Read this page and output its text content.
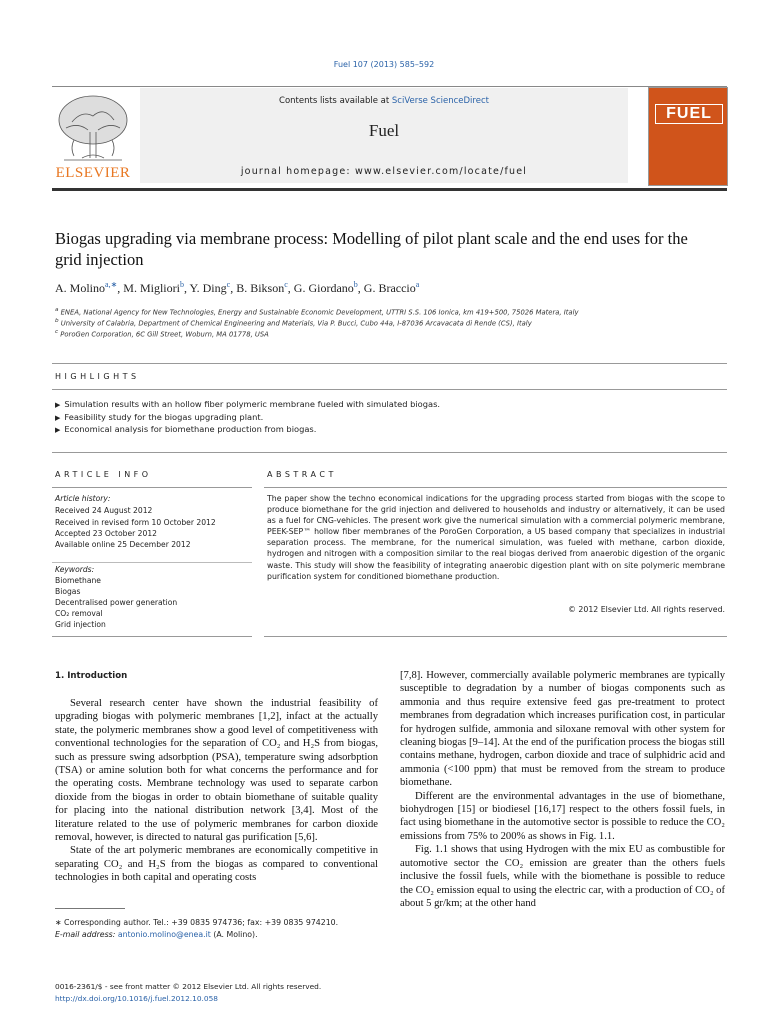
Fuel 107 (2013) 585–592
Contents lists available at SciVerse ScienceDirect
Fuel
journal homepage: www.elsevier.com/locate/fuel
ELSEVIER
FUEL
Biogas upgrading via membrane process: Modelling of pilot plant scale and the end uses for the grid injection
A. Molino$^{a,∗}$, M. Migliori$^b$, Y. Ding$^c$, B. Bikson$^c$, G. Giordano$^b$, G. Braccio$^a$
$^a$ ENEA, National Agency for New Technologies, Energy and Sustainable Economic Development, UTTRI S.S. 106 Ionica, km 419+500, 75026 Matera, Italy
$^b$ University of Calabria, Department of Chemical Engineering and Materials, Via P. Bucci, Cubo 44a, I-87036 Arcavacata di Rende (CS), Italy
$^c$ PoroGen Corporation, 6C Gill Street, Woburn, MA 01778, USA
HIGHLIGHTS
▶ Simulation results with an hollow fiber polymeric membrane fueled with simulated biogas.
▶ Feasibility study for the biogas upgrading plant.
▶ Economical analysis for biomethane production from biogas.
ARTICLE INFO	ABSTRACT
Article history:
Received 24 August 2012
Received in revised form 10 October 2012
Accepted 23 October 2012
Available online 25 December 2012
Keywords:
Biomethane
Biogas
Decentralised power generation
CO₂ removal
Grid injection
The paper show the techno economical indications for the upgrading process started from biogas with the scope to produce biomethane for the grid injection and delivered to households and industry or alternatively, it can be used as a fuel for CNG-vehicles. The present work give the numerical simulation with a commercial polymeric membrane, PEEK-SEP™ hollow fiber membranes of the PoroGen Corporation, a US based company that specializes in industrial separation process. The membrane, for the numerical simulation, was fueled with methane, carbon dioxide, hydrogen and nitrogen with a composition similar to the real biogas derived from anaerobic digestion of the organic waste. This study will show the feasibility of integrating anaerobic digestion plant with on site polymeric membrane purification system for conditioned biomethane production.
© 2012 Elsevier Ltd. All rights reserved.
1. Introduction

Several research center have shown the industrial feasibility of upgrading biogas with polymeric membranes [1,2], infact at the actually state, the polymeric membranes show a good level of competitiveness with conventional technologies for the separation of CO₂ and H₂S from biogas, such as pressure swing adsorbption (PSA), temperature swing adsorbption (TSA) or amine solution both for what concerns the performance and for the operating costs. Membrane technology was used to separate carbon dioxide from the biogas in order to obtain biomethane of suitable quality for placing into the national distribution network [3,4]. Most of the literature related to the use of polymeric membranes for carbon dioxide removal, however, is directed to natural gas purification [5,6].

State of the art polymeric membranes are economically competitive in separating CO₂ and H₂S from the biogas as compared to conventional technologies in both capital and operating costs

[7,8]. However, commercially available polymeric membranes are typically susceptible to degradation by a number of biogas components such as ammonia and thus require extensive feed gas pre-treatment to protect membranes from degradation which increases purification cost, in particular for hydrogen sulfide, ammonia and siloxane removal with other system for cleaning biogas [9–14]. At the end of the purification process the biogas still contains methane, hydrogen, carbon dioxide and trace of sulphidric acid and ammonia (<100 ppm) that must be removed from the stream to produce biomethane.

Different are the environmental advantages in the use of biomethane, biohydrogen [15] or biodiesel [16,17] respect to the others fossil fuels, in fact using biomethane in the automotive sector is possible to reduce the CO₂ emissions from 75% to 200% as shows in Fig. 1.1.

Fig. 1.1 shows that using Hydrogen with the mix EU as combustible for automotive sector the CO₂ emission are greater than the others fuels inclusive the fossil fuels, while with the biomethane is possible to reduce the CO₂ emission equal to using the electric car, with a production of CO₂ of about 5 gr/km; at the other hand

∗ Corresponding author. Tel.: +39 0835 974736; fax: +39 0835 974210.
E-mail address: antonio.molino@enea.it (A. Molino).
0016-2361/$ - see front matter © 2012 Elsevier Ltd. All rights reserved.
http://dx.doi.org/10.1016/j.fuel.2012.10.058
